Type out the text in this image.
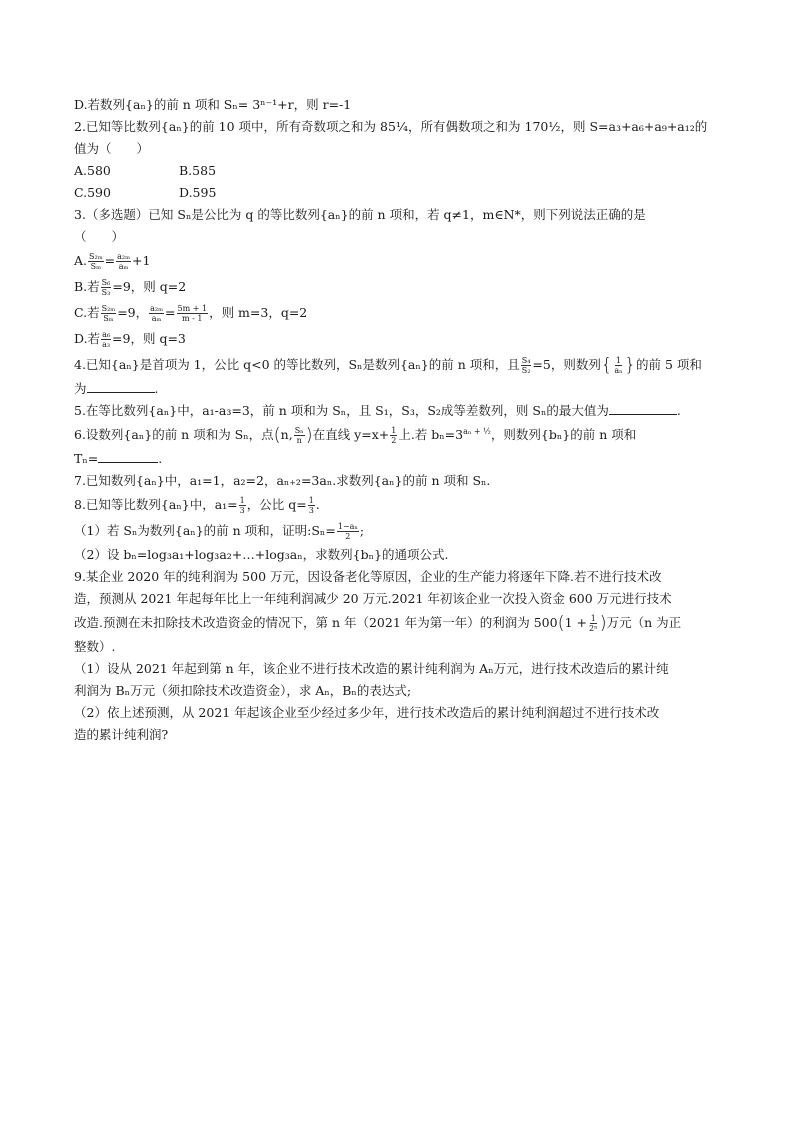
D.若数列{aₙ}的前 n 项和 Sₙ= 3ⁿ⁻¹+r，则 r=-1
2.已知等比数列{aₙ}的前 10 项中，所有奇数项之和为 85¼，所有偶数项之和为 170½，则 S=a₃+a₆+a₉+a₁₂的
值为（　　）
A.580	B.585
C.590	D.595
3.（多选题）已知 Sₙ是公比为 q 的等比数列{aₙ}的前 n 项和，若 q≠1，m∈N*，则下列说法正确的是
（　　）
A. $\frac{\text{S₂ₘ}}{\text{Sₘ}} = \frac{\text{a₂ₘ}}{\text{aₘ}} +1$
B.若 $\frac{\text{S₆}}{\text{S₃}} =9$，则 q=2
C.若 $\frac{\text{S₂ₘ}}{\text{Sₘ}} =9$， $\frac{\text{a₂ₘ}}{\text{aₘ}} = \frac{5m + 1}{m - 1}$ ，则 m=3，q=2
D.若 $\frac{\text{a₆}}{\text{a₃}} =9$，则 q=3
4.已知{aₙ}是首项为 1，公比 q<0 的等比数列，Sₙ是数列{aₙ}的前 n 项和，且 $\frac{\text{S₄}}{\text{S₂}} =5$，则数列{ $\frac{1}{\text{aₙ}}$ }的前 5 项和
为	.
5.在等比数列{aₙ}中，a₁-a₃=3，前 n 项和为 Sₙ，且 S₁，S₃，S₂成等差数列，则 Sₙ的最大值为	.
6.设数列{aₙ}的前 n 项和为 Sₙ，点(n, $\frac{\text{Sₙ}}{n}$ )在直线 $y=x+ \frac{1}{2}$ 上.若 $b_n=3^{a_n + \frac{1}{2}}$，则数列{bₙ}的前 n 项和
Tₙ=	.
7.已知数列{aₙ}中，a₁=1，a₂=2，aₙ₊₂=3aₙ.求数列{aₙ}的前 n 项和 Sₙ.
8.已知等比数列{aₙ}中，$a_1= \frac{1}{3}$ ，公比 $q= \frac{1}{3}$ .
（1）若 Sₙ为数列{aₙ}的前 n 项和，证明:Sₙ= $\frac{\text{1−aₙ}}{2}$ ;
（2）设 bₙ=log₃a₁+log₃a₂+…+log₃aₙ，求数列{bₙ}的通项公式.
9.某企业 2020 年的纯利润为 500 万元，因设备老化等原因，企业的生产能力将逐年下降.若不进行技术改
造，预测从 2021 年起每年比上一年纯利润减少 20 万元.2021 年初该企业一次投入资金 600 万元进行技术
改造.预测在未扣除技术改造资金的情况下，第 n 年（2021 年为第一年）的利润为 $500(1 + \frac{1}{\text{2ⁿ}}$ )万元（n 为正
整数）.
（1）设从 2021 年起到第 n 年，该企业不进行技术改造的累计纯利润为 Aₙ万元，进行技术改造后的累计纯
利润为 Bₙ万元（须扣除技术改造资金），求 Aₙ，Bₙ的表达式;
（2）依上述预测，从 2021 年起该企业至少经过多少年，进行技术改造后的累计纯利润超过不进行技术改
造的累计纯利润?
